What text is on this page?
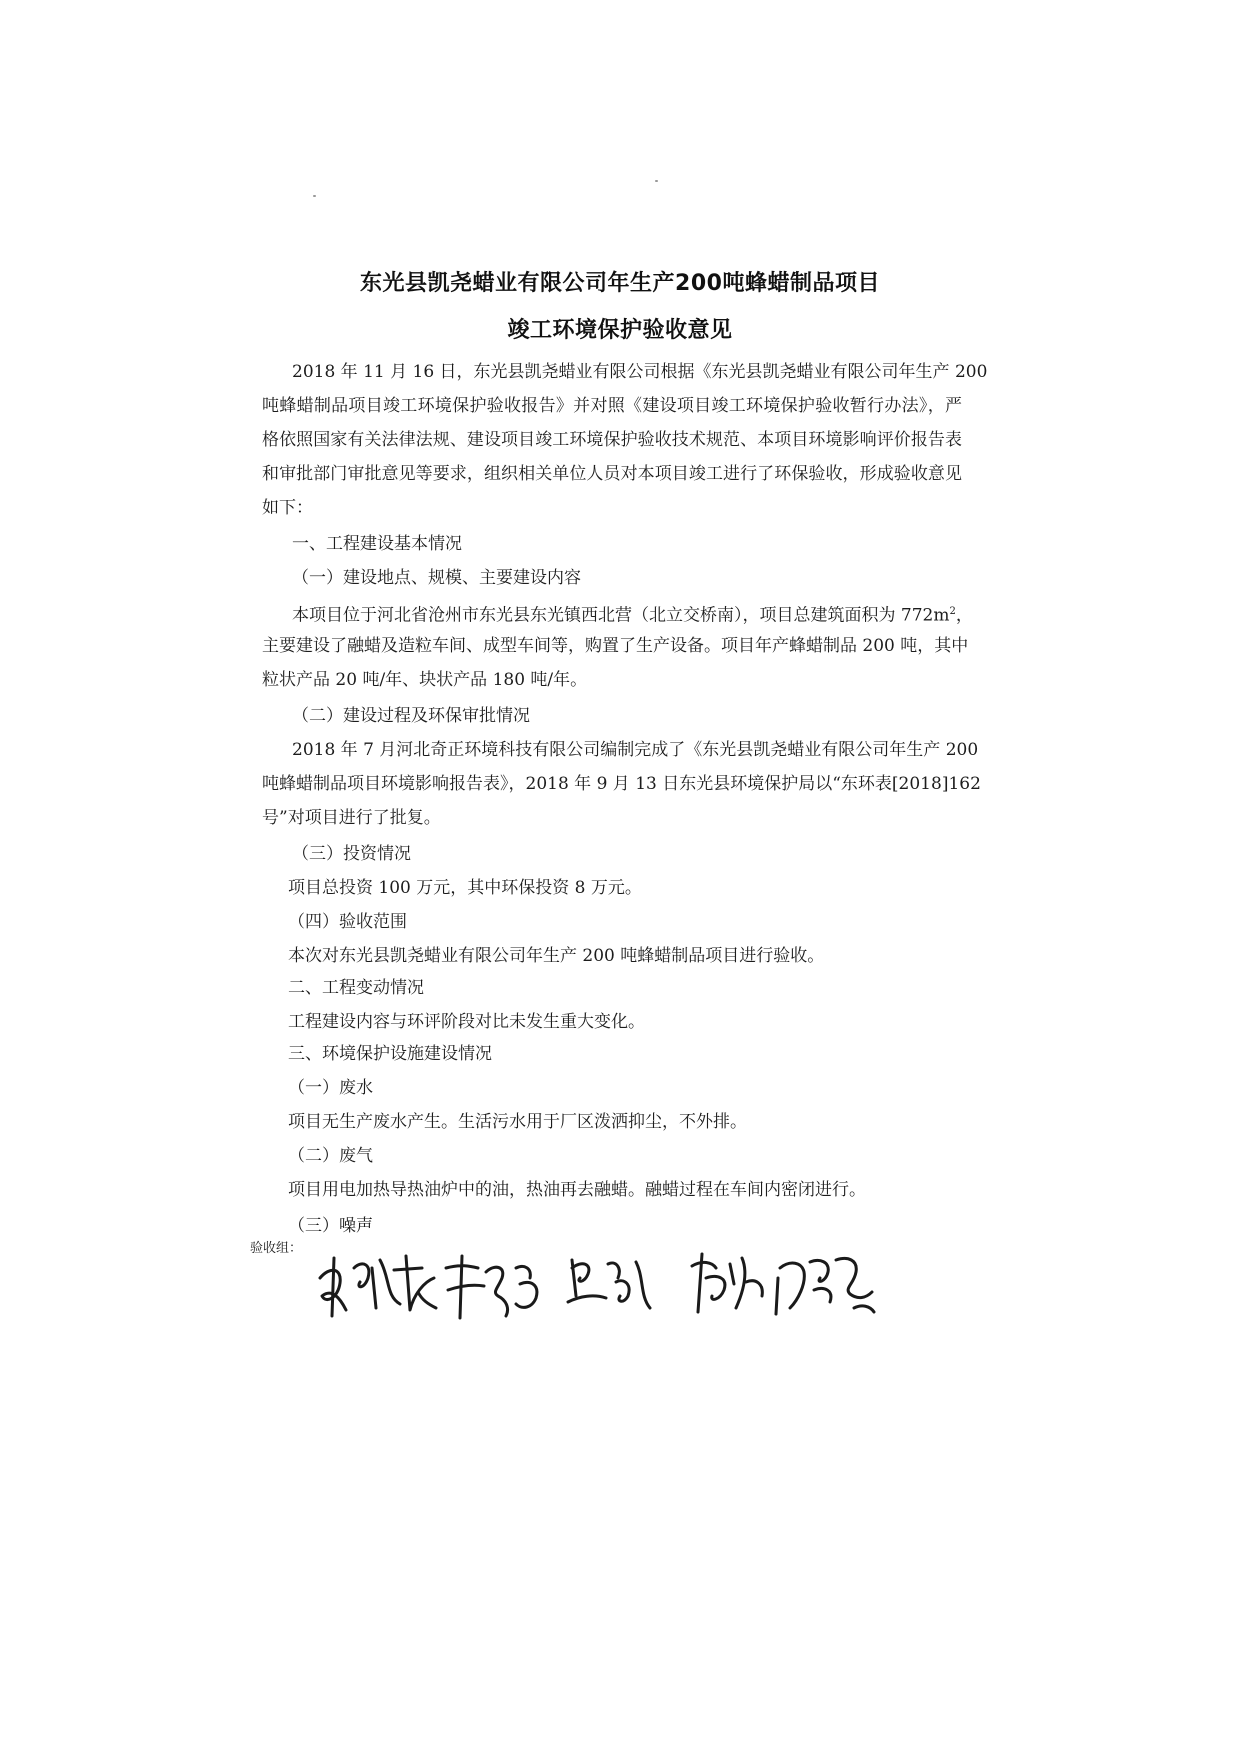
东光县凯尧蜡业有限公司年生产200吨蜂蜡制品项目
竣工环境保护验收意见
2018 年 11 月 16 日，东光县凯尧蜡业有限公司根据《东光县凯尧蜡业有限公司年生产 200
吨蜂蜡制品项目竣工环境保护验收报告》并对照《建设项目竣工环境保护验收暂行办法》，严
格依照国家有关法律法规、建设项目竣工环境保护验收技术规范、本项目环境影响评价报告表
和审批部门审批意见等要求，组织相关单位人员对本项目竣工进行了环保验收，形成验收意见
如下：
一、工程建设基本情况
（一）建设地点、规模、主要建设内容
本项目位于河北省沧州市东光县东光镇西北营（北立交桥南），项目总建筑面积为 $772m^2$，
主要建设了融蜡及造粒车间、成型车间等，购置了生产设备。项目年产蜂蜡制品 200 吨，其中
粒状产品 20 吨/年、块状产品 180 吨/年。
（二）建设过程及环保审批情况
2018 年 7 月河北奇正环境科技有限公司编制完成了《东光县凯尧蜡业有限公司年生产 200
吨蜂蜡制品项目环境影响报告表》，2018 年 9 月 13 日东光县环境保护局以“东环表[2018]162
号”对项目进行了批复。
（三）投资情况
项目总投资 100 万元，其中环保投资 8 万元。
（四）验收范围
本次对东光县凯尧蜡业有限公司年生产 200 吨蜂蜡制品项目进行验收。
二、工程变动情况
工程建设内容与环评阶段对比未发生重大变化。
三、环境保护设施建设情况
（一）废水
项目无生产废水产生。生活污水用于厂区泼洒抑尘，不外排。
（二）废气
项目用电加热导热油炉中的油，热油再去融蜡。融蜡过程在车间内密闭进行。
（三）噪声
验收组：
